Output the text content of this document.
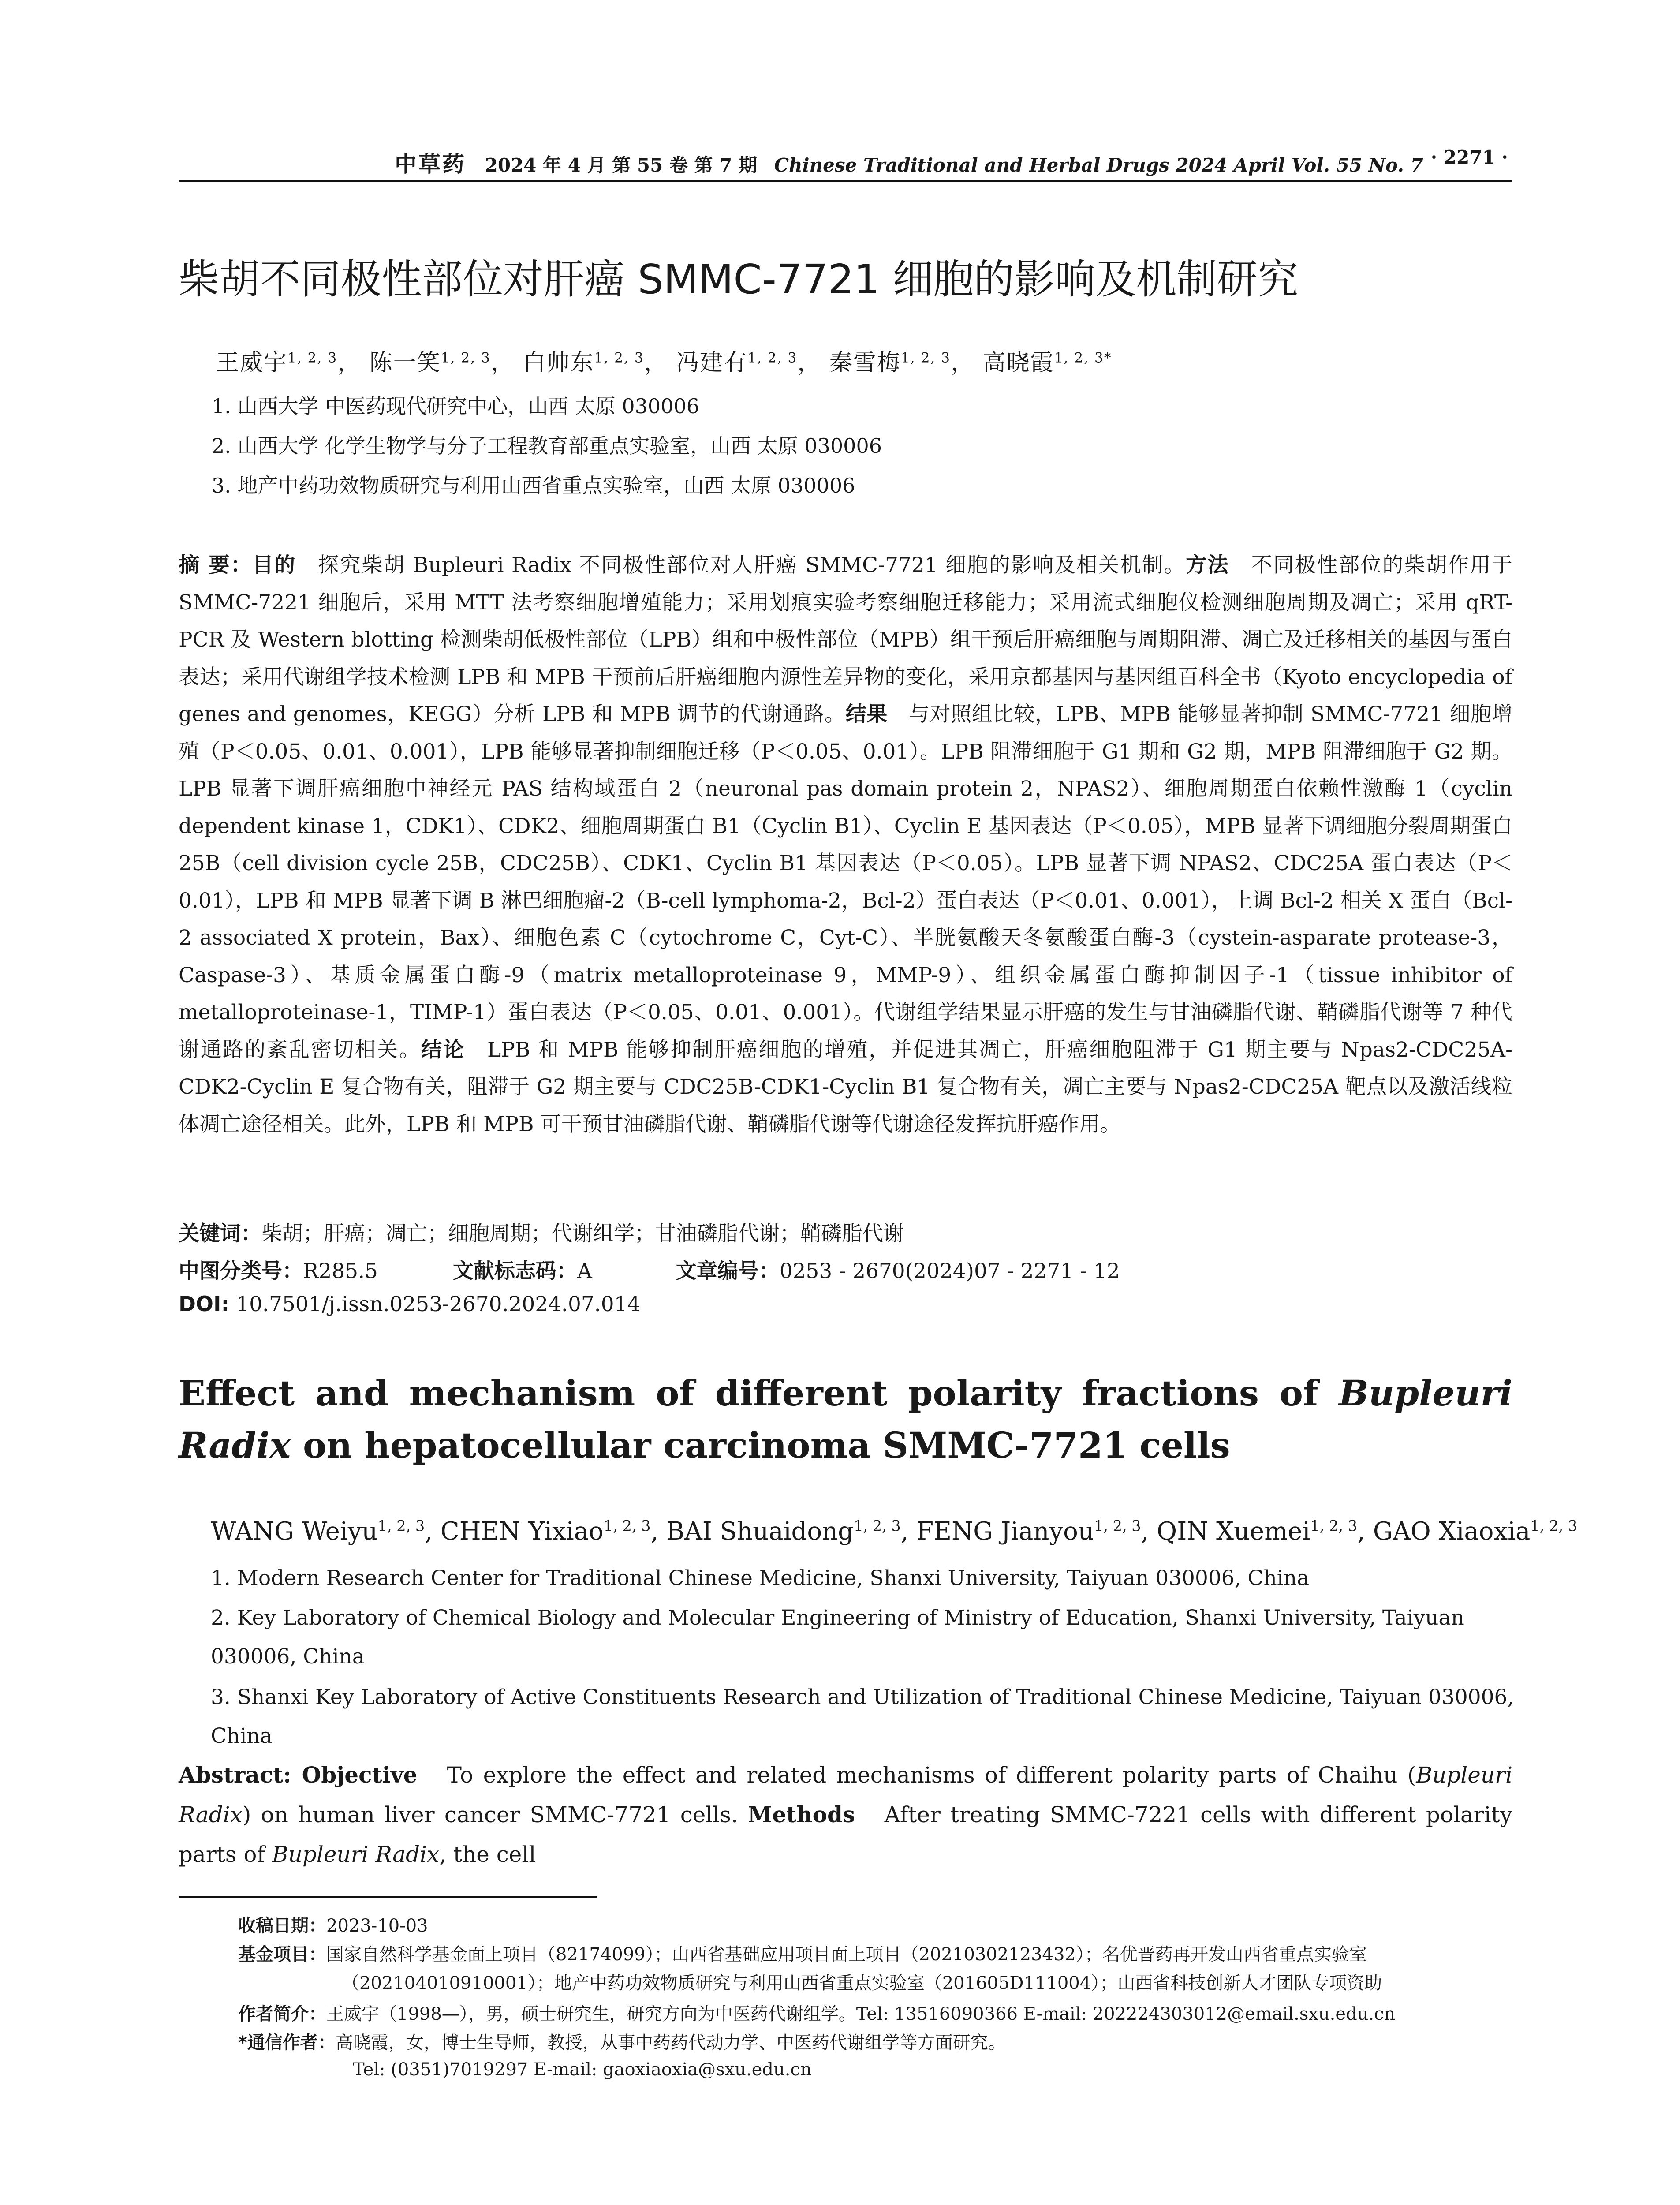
中草药 2024 年 4 月 第 55 卷 第 7 期 Chinese Traditional and Herbal Drugs 2024 April Vol. 55 No. 7 · 2271 ·
柴胡不同极性部位对肝癌 SMMC-7721 细胞的影响及机制研究
王威宇$^{1, 2, 3}$， 陈一笑$^{1, 2, 3}$， 白帅东$^{1, 2, 3}$， 冯建有$^{1, 2, 3}$， 秦雪梅$^{1, 2, 3}$， 高晓霞$^{1, 2, 3*}$
1. 山西大学 中医药现代研究中心，山西 太原 030006
2. 山西大学 化学生物学与分子工程教育部重点实验室，山西 太原 030006
3. 地产中药功效物质研究与利用山西省重点实验室，山西 太原 030006
摘 要：目的　 探究柴胡 Bupleuri Radix 不同极性部位对人肝癌 SMMC-7721 细胞的影响及相关机制。方法　 不同极性部位的柴胡作用于 SMMC-7221 细胞后，采用 MTT 法考察细胞增殖能力；采用划痕实验考察细胞迁移能力；采用流式细胞仪检测细胞周期及凋亡；采用 qRT-PCR 及 Western blotting 检测柴胡低极性部位（LPB）组和中极性部位（MPB）组干预后肝癌细胞与周期阻滞、凋亡及迁移相关的基因与蛋白表达；采用代谢组学技术检测 LPB 和 MPB 干预前后肝癌细胞内源性差异物的变化，采用京都基因与基因组百科全书（Kyoto encyclopedia of genes and genomes，KEGG）分析 LPB 和 MPB 调节的代谢通路。结果　 与对照组比较，LPB、MPB 能够显著抑制 SMMC-7721 细胞增殖（P＜0.05、0.01、0.001），LPB 能够显著抑制细胞迁移（P＜0.05、0.01）。LPB 阻滞细胞于 G1 期和 G2 期，MPB 阻滞细胞于 G2 期。LPB 显著下调肝癌细胞中神经元 PAS 结构域蛋白 2（neuronal pas domain protein 2，NPAS2）、细胞周期蛋白依赖性激酶 1（cyclin dependent kinase 1，CDK1）、CDK2、细胞周期蛋白 B1（Cyclin B1）、Cyclin E 基因表达（P＜0.05），MPB 显著下调细胞分裂周期蛋白 25B（cell division cycle 25B，CDC25B）、CDK1、Cyclin B1 基因表达（P＜0.05）。LPB 显著下调 NPAS2、CDC25A 蛋白表达（P＜0.01），LPB 和 MPB 显著下调 B 淋巴细胞瘤-2（B-cell lymphoma-2，Bcl-2）蛋白表达（P＜0.01、0.001），上调 Bcl-2 相关 X 蛋白（Bcl-2 associated X protein，Bax）、细胞色素 C（cytochrome C，Cyt-C）、半胱氨酸天冬氨酸蛋白酶-3（cystein-asparate protease-3，Caspase-3）、基质金属蛋白酶-9（matrix metalloproteinase 9，MMP-9）、组织金属蛋白酶抑制因子-1（tissue inhibitor of metalloproteinase-1，TIMP-1）蛋白表达（P＜0.05、0.01、0.001）。代谢组学结果显示肝癌的发生与甘油磷脂代谢、鞘磷脂代谢等 7 种代谢通路的紊乱密切相关。结论　 LPB 和 MPB 能够抑制肝癌细胞的增殖，并促进其凋亡，肝癌细胞阻滞于 G1 期主要与 Npas2-CDC25A-CDK2-Cyclin E 复合物有关，阻滞于 G2 期主要与 CDC25B-CDK1-Cyclin B1 复合物有关，凋亡主要与 Npas2-CDC25A 靶点以及激活线粒体凋亡途径相关。此外，LPB 和 MPB 可干预甘油磷脂代谢、鞘磷脂代谢等代谢途径发挥抗肝癌作用。
关键词：柴胡；肝癌；凋亡；细胞周期；代谢组学；甘油磷脂代谢；鞘磷脂代谢
中图分类号：R285.5	文献标志码：A	文章编号：0253 - 2670(2024)07 - 2271 - 12
DOI: 10.7501/j.issn.0253-2670.2024.07.014
Effect and mechanism of different polarity fractions of Bupleuri Radix on hepatocellular carcinoma SMMC-7721 cells
WANG Weiyu$^{1, 2, 3}$, CHEN Yixiao$^{1, 2, 3}$, BAI Shuaidong$^{1, 2, 3}$, FENG Jianyou$^{1, 2, 3}$, QIN Xuemei$^{1, 2, 3}$, GAO Xiaoxia$^{1, 2, 3}$
1. Modern Research Center for Traditional Chinese Medicine, Shanxi University, Taiyuan 030006, China
2. Key Laboratory of Chemical Biology and Molecular Engineering of Ministry of Education, Shanxi University, Taiyuan 030006, China
3. Shanxi Key Laboratory of Active Constituents Research and Utilization of Traditional Chinese Medicine, Taiyuan 030006, China
Abstract: Objective To explore the effect and related mechanisms of different polarity parts of Chaihu (Bupleuri Radix) on human liver cancer SMMC-7721 cells. Methods After treating SMMC-7221 cells with different polarity parts of Bupleuri Radix, the cell
收稿日期：2023-10-03
基金项目：国家自然科学基金面上项目（82174099）；山西省基础应用项目面上项目（20210302123432）；名优晋药再开发山西省重点实验室
（202104010910001）；地产中药功效物质研究与利用山西省重点实验室（201605D111004）；山西省科技创新人才团队专项资助
作者简介：王威宇（1998—），男，硕士研究生，研究方向为中医药代谢组学。Tel: 13516090366 E-mail: 202224303012@email.sxu.edu.cn
*通信作者：高晓霞，女，博士生导师，教授，从事中药药代动力学、中医药代谢组学等方面研究。
Tel: (0351)7019297 E-mail: gaoxiaoxia@sxu.edu.cn
